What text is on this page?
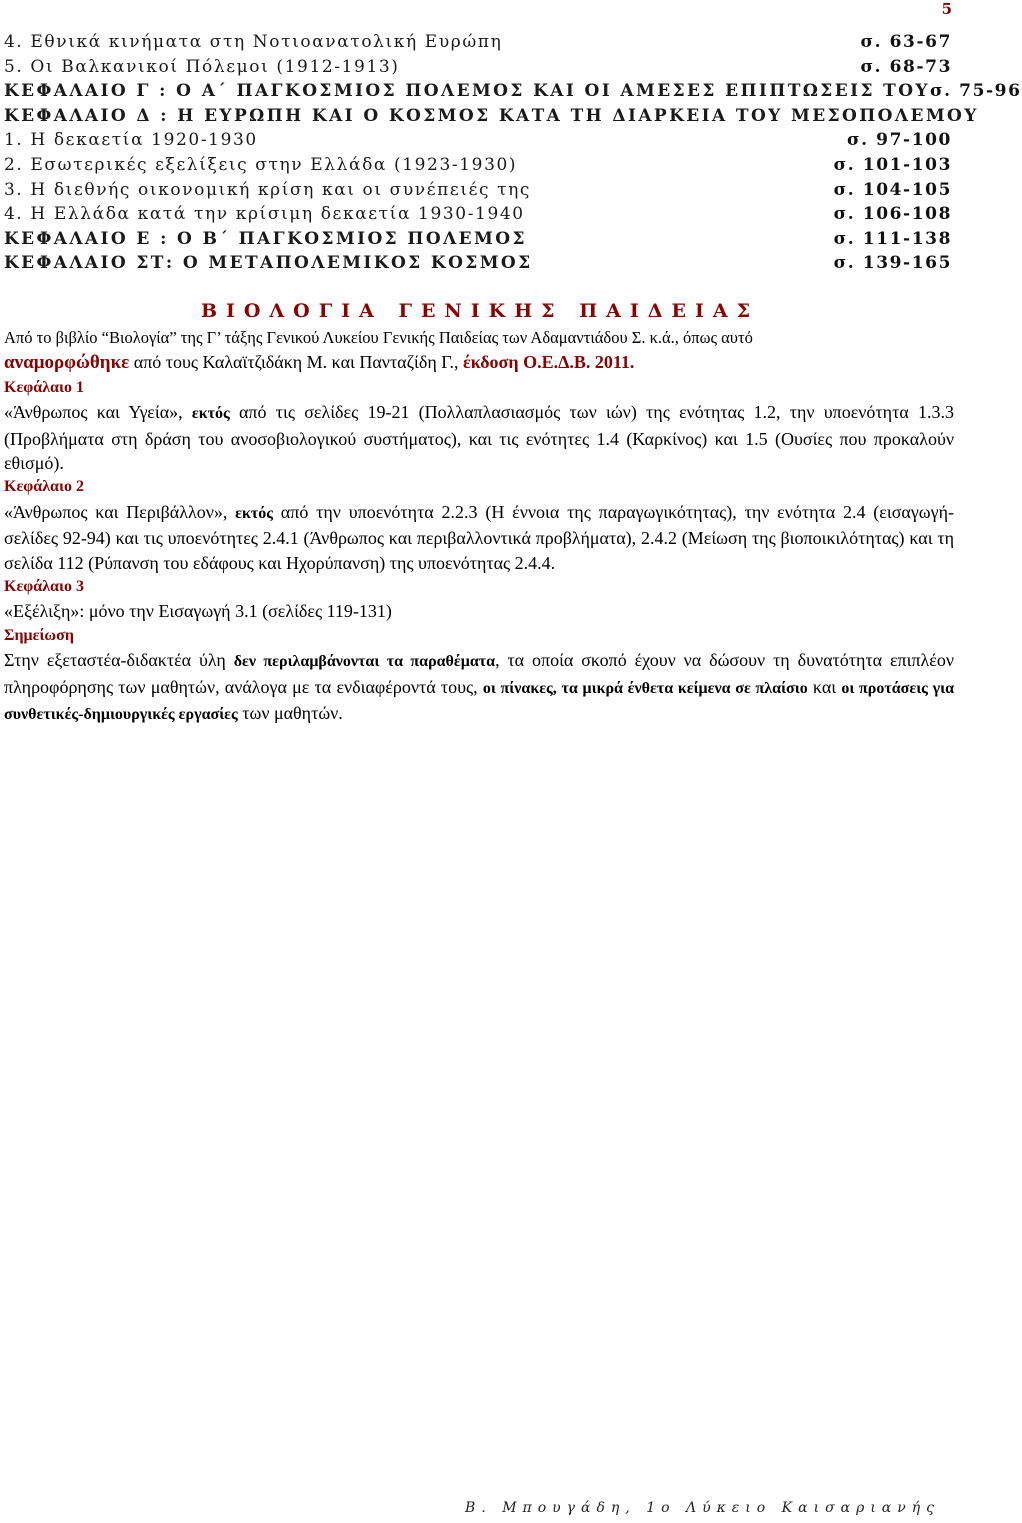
5
4. Εθνικά κινήματα στη Νοτιοανατολική Ευρώπη	σ. 63-67
5. Οι Βαλκανικοί Πόλεμοι (1912-1913)	σ. 68-73
ΚΕΦΑΛΑΙΟ Γ : Ο Α΄ ΠΑΓΚΟΣΜΙΟΣ ΠΟΛΕΜΟΣ ΚΑΙ ΟΙ ΑΜΕΣΕΣ ΕΠΙΠΤΩΣΕΙΣ ΤΟΥ σ. 75-96
ΚΕΦΑΛΑΙΟ Δ : Η ΕΥΡΩΠΗ ΚΑΙ Ο ΚΟΣΜΟΣ ΚΑΤΑ ΤΗ ΔΙΑΡΚΕΙΑ ΤΟΥ ΜΕΣΟΠΟΛΕΜΟΥ
1. Η δεκαετία 1920-1930	σ. 97-100
2. Εσωτερικές εξελίξεις στην Ελλάδα (1923-1930)	σ. 101-103
3. Η διεθνής οικονομική κρίση και οι συνέπειές της	σ. 104-105
4. Η Ελλάδα κατά την κρίσιμη δεκαετία 1930-1940	σ. 106-108
ΚΕΦΑΛΑΙΟ Ε : Ο Β΄ ΠΑΓΚΟΣΜΙΟΣ ΠΟΛΕΜΟΣ	σ. 111-138
ΚΕΦΑΛΑΙΟ ΣΤ: Ο ΜΕΤΑΠΟΛΕΜΙΚΟΣ ΚΟΣΜΟΣ	σ. 139-165
ΒΙΟΛΟΓΙΑ ΓΕΝΙΚΗΣ ΠΑΙΔΕΙΑΣ

Από το βιβλίο “Βιολογία” της Γ’ τάξης Γενικού Λυκείου Γενικής Παιδείας των Αδαμαντιάδου Σ. κ.ά., όπως αυτό

αναμορφώθηκε από τους Καλαϊτζιδάκη Μ. και Πανταζίδη Γ., έκδοση Ο.Ε.Δ.Β. 2011.

Κεφάλαιο 1

«Άνθρωπος και Υγεία», εκτός από τις σελίδες 19-21 (Πολλαπλασιασμός των ιών) της ενότητας 1.2, την υποενότητα 1.3.3 (Προβλήματα στη δράση του ανοσοβιολογικού συστήματος), και τις ενότητες 1.4 (Καρκίνος) και 1.5 (Ουσίες που προκαλούν εθισμό).

Κεφάλαιο 2

«Άνθρωπος και Περιβάλλον», εκτός από την υποενότητα 2.2.3 (Η έννοια της παραγωγικότητας), την ενότητα 2.4 (εισαγωγή- σελίδες 92-94) και τις υποενότητες 2.4.1 (Άνθρωπος και περιβαλλοντικά προβλήματα), 2.4.2 (Μείωση της βιοποικιλότητας) και τη σελίδα 112 (Ρύπανση του εδάφους και Ηχορύπανση) της υποενότητας 2.4.4.

Κεφάλαιο 3

«Εξέλιξη»: μόνο την Εισαγωγή 3.1 (σελίδες 119-131)

Σημείωση

Στην εξεταστέα-διδακτέα ύλη δεν περιλαμβάνονται τα παραθέματα, τα οποία σκοπό έχουν να δώσουν τη δυνατότητα επιπλέον πληροφόρησης των μαθητών, ανάλογα με τα ενδιαφέροντά τους, οι πίνακες, τα μικρά ένθετα κείμενα σε πλαίσιο και οι προτάσεις για συνθετικές-δημιουργικές εργασίες των μαθητών.

Β. Μπουγάδη, 1ο Λύκειο Καισαριανής
